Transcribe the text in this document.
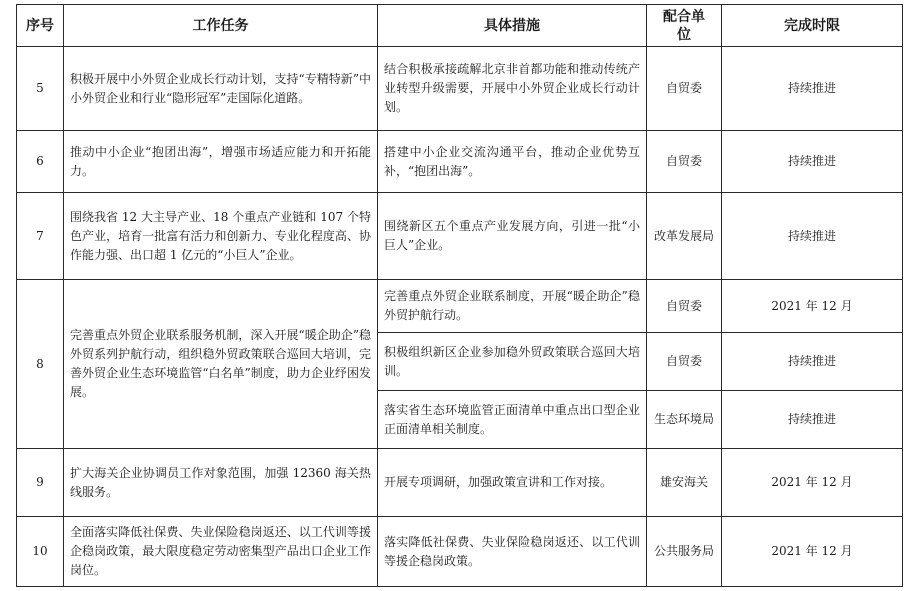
序号	工作任务	具体措施	配合单位	完成时限
5	积极开展中小外贸企业成长行动计划，支持“专精特新”中小外贸企业和行业“隐形冠军”走国际化道路。	结合积极承接疏解北京非首都功能和推动传统产业转型升级需要，开展中小外贸企业成长行动计划。	自贸委	持续推进
6	推动中小企业“抱团出海”，增强市场适应能力和开拓能力。	搭建中小企业交流沟通平台，推动企业优势互补，“抱团出海”。	自贸委	持续推进
7	围绕我省 12 大主导产业、18 个重点产业链和 107 个特色产业，培育一批富有活力和创新力、专业化程度高、协作能力强、出口超 1 亿元的“小巨人”企业。	围绕新区五个重点产业发展方向，引进一批“小巨人”企业。	改革发展局	持续推进
8	完善重点外贸企业联系服务机制，深入开展“暖企助企”稳外贸系列护航行动，组织稳外贸政策联合巡回大培训，完善外贸企业生态环境监管“白名单”制度，助力企业纾困发展。	完善重点外贸企业联系制度，开展“暖企助企”稳外贸护航行动。	自贸委	2021 年 12 月
		积极组织新区企业参加稳外贸政策联合巡回大培训。	自贸委	持续推进
		落实省生态环境监管正面清单中重点出口型企业正面清单相关制度。	生态环境局	持续推进
9	扩大海关企业协调员工作对象范围，加强 12360 海关热线服务。	开展专项调研，加强政策宣讲和工作对接。	雄安海关	2021 年 12 月
10	全面落实降低社保费、失业保险稳岗返还、以工代训等援企稳岗政策，最大限度稳定劳动密集型产品出口企业工作岗位。	落实降低社保费、失业保险稳岗返还、以工代训等援企稳岗政策。	公共服务局	2021 年 12 月
